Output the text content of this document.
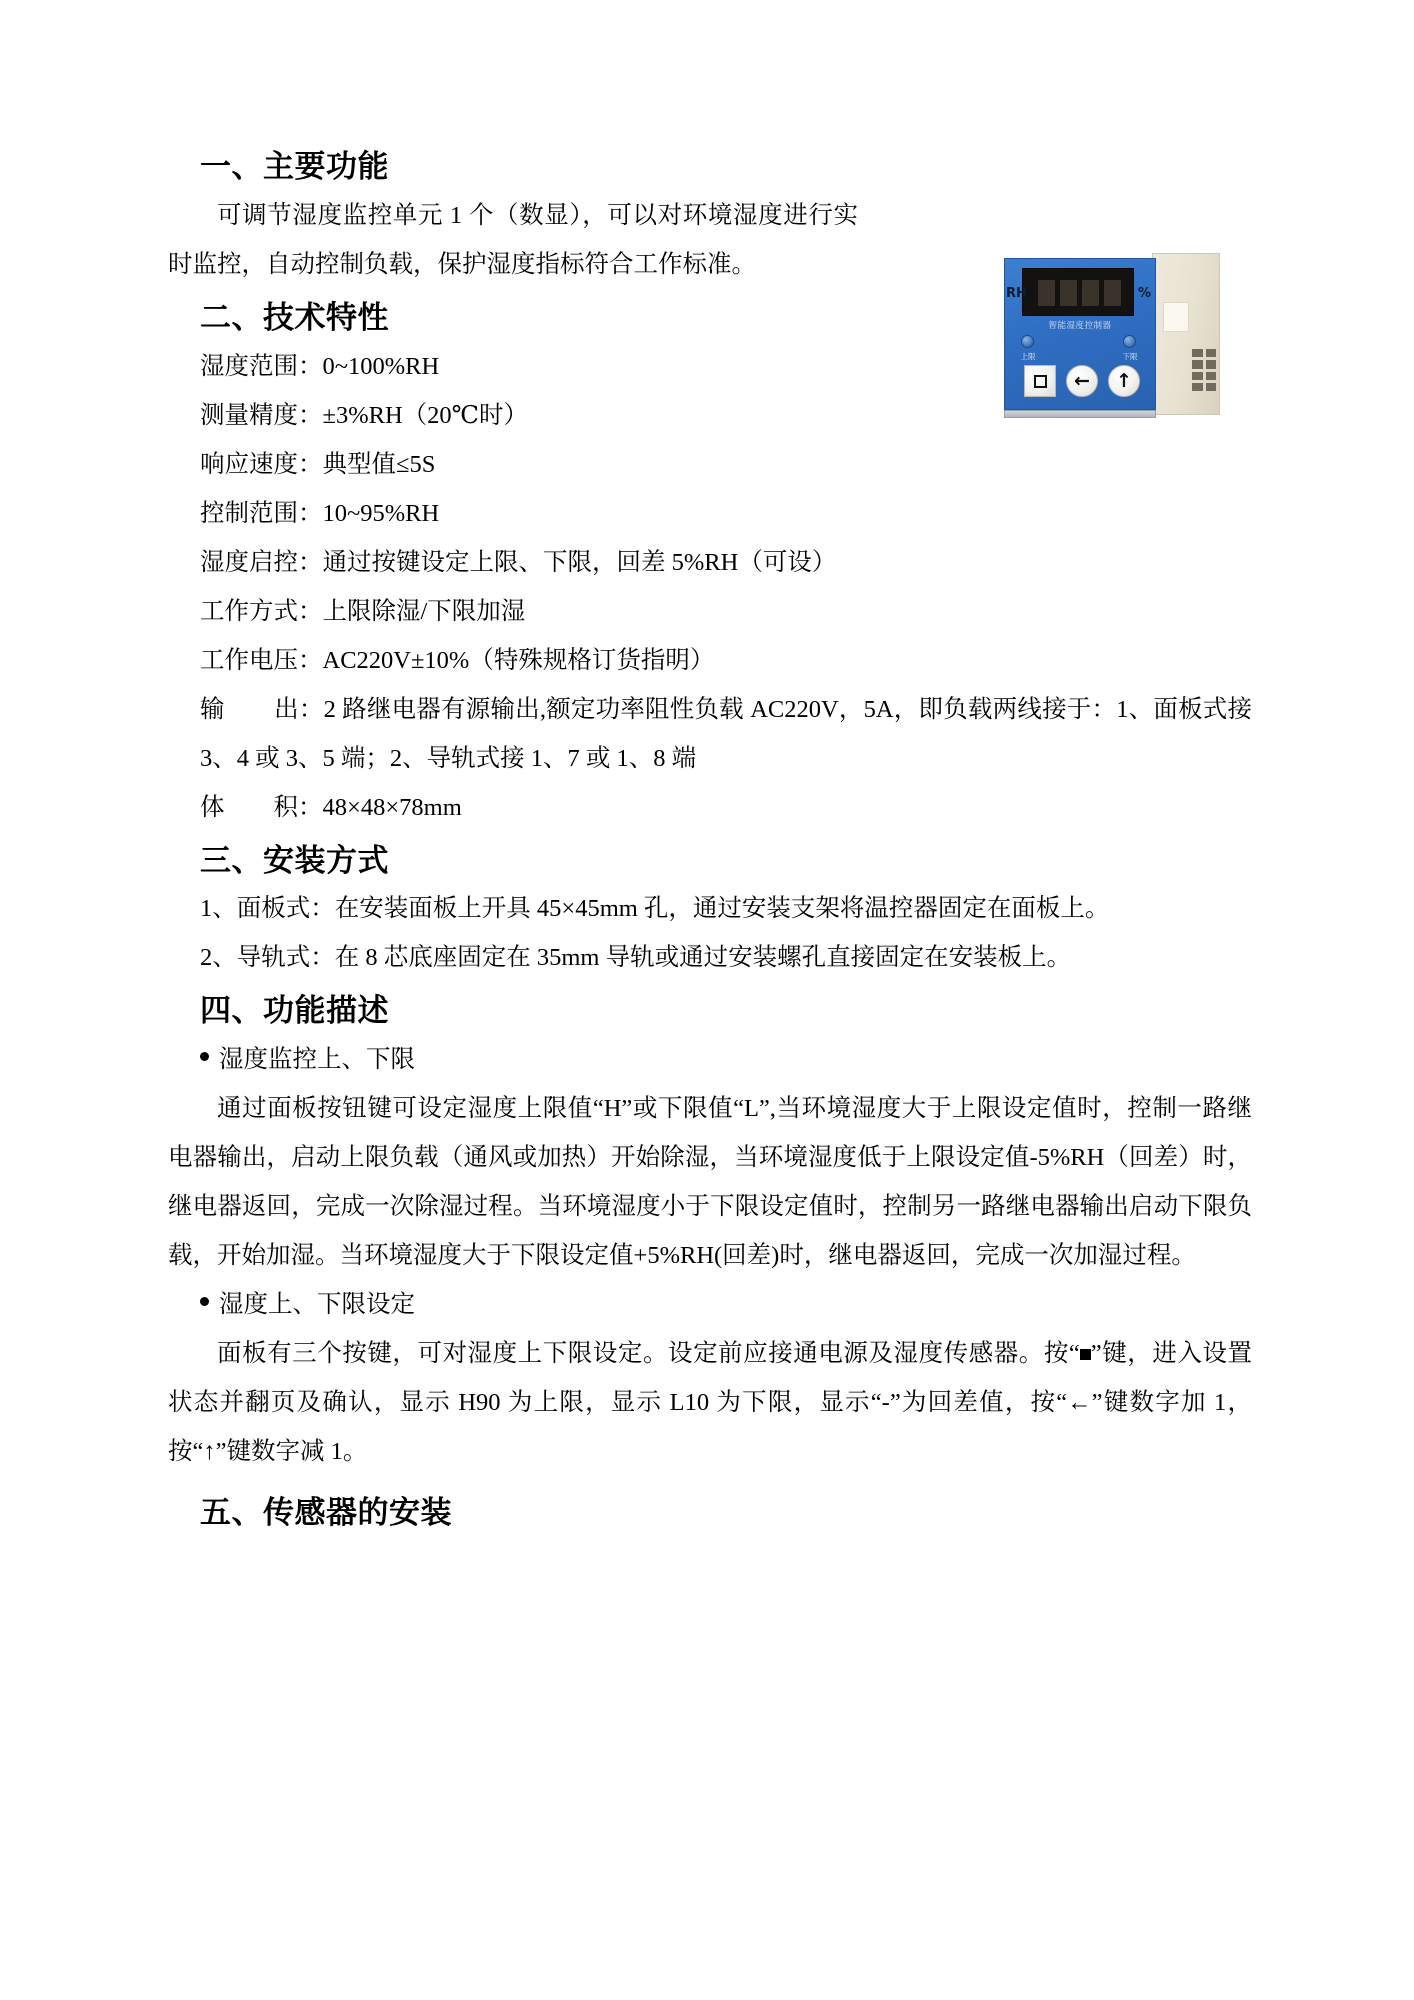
RH	%
智能湿度控制器
上限	下限
← ↑
一、主要功能

可调节湿度监控单元 1 个（数显），可以对环境湿度进行实时监控，自动控制负载，保护湿度指标符合工作标准。

二、技术特性
湿度范围：0~100%RH
测量精度：±3%RH（20℃时）
响应速度：典型值≤5S
控制范围：10~95%RH
湿度启控：通过按键设定上限、下限，回差 5%RH（可设）
工作方式：上限除湿/下限加湿
工作电压：AC220V±10%（特殊规格订货指明）

输　　出：2 路继电器有源输出,额定功率阻性负载 AC220V，5A，即负载两线接于：1、面板式接 3、4 或 3、5 端；2、导轨式接 1、7 或 1、8 端

体　　积：48×48×78mm
三、安装方式

1、面板式：在安装面板上开具 45×45mm 孔，通过安装支架将温控器固定在面板上。

2、导轨式：在 8 芯底座固定在 35mm 导轨或通过安装螺孔直接固定在安装板上。

四、功能描述

湿度监控上、下限

通过面板按钮键可设定湿度上限值“H”或下限值“L”,当环境湿度大于上限设定值时，控制一路继电器输出，启动上限负载（通风或加热）开始除湿，当环境湿度低于上限设定值-5%RH（回差）时，继电器返回，完成一次除湿过程。当环境湿度小于下限设定值时，控制另一路继电器输出启动下限负载，开始加湿。当环境湿度大于下限设定值+5%RH(回差)时，继电器返回，完成一次加湿过程。

湿度上、下限设定

面板有三个按键，可对湿度上下限设定。设定前应接通电源及湿度传感器。按“ ”键，进入设置状态并翻页及确认，显示 H90 为上限，显示 L10 为下限，显示“-”为回差值，按“←”键数字加 1，按“↑”键数字减 1。

五、传感器的安装
